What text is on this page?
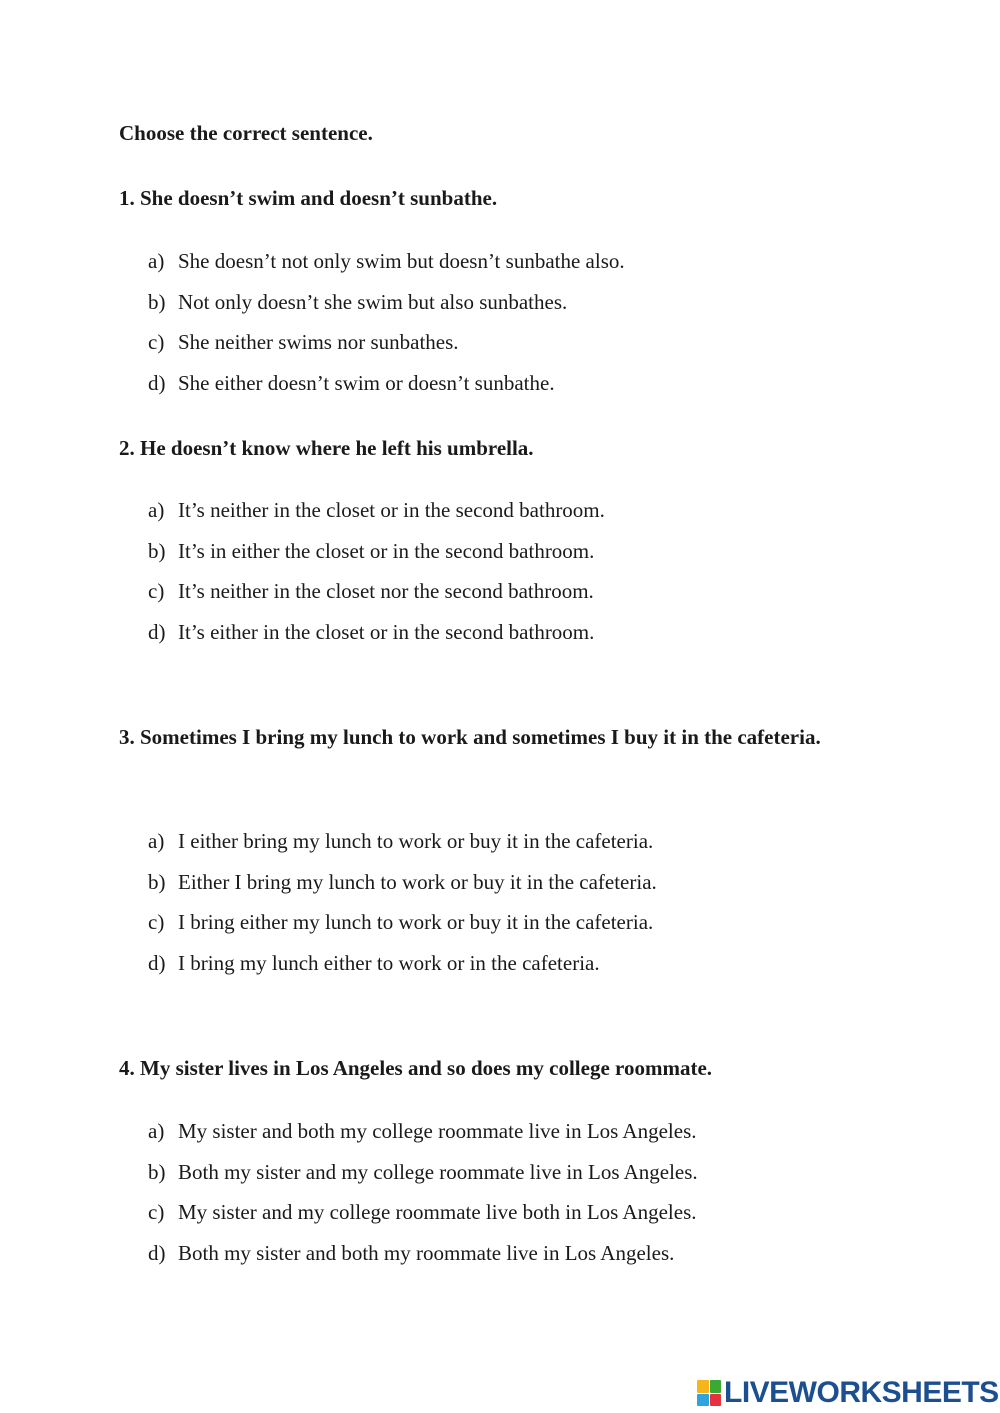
Choose the correct sentence.

1. She doesn’t swim and doesn’t sunbathe.

a) She doesn’t not only swim but doesn’t sunbathe also.
b) Not only doesn’t she swim but also sunbathes.
c) She neither swims nor sunbathes.
d) She either doesn’t swim or doesn’t sunbathe.

2. He doesn’t know where he left his umbrella.

a) It’s neither in the closet or in the second bathroom.
b) It’s in either the closet or in the second bathroom.
c) It’s neither in the closet nor the second bathroom.
d) It’s either in the closet or in the second bathroom.

3. Sometimes I bring my lunch to work and sometimes I buy it in the cafeteria.

a) I either bring my lunch to work or buy it in the cafeteria.
b) Either I bring my lunch to work or buy it in the cafeteria.
c) I bring either my lunch to work or buy it in the cafeteria.
d) I bring my lunch either to work or in the cafeteria.

4. My sister lives in Los Angeles and so does my college roommate.

a) My sister and both my college roommate live in Los Angeles.
b) Both my sister and my college roommate live in Los Angeles.
c) My sister and my college roommate live both in Los Angeles.
d) Both my sister and both my roommate live in Los Angeles.
LIVEWORKSHEETS
